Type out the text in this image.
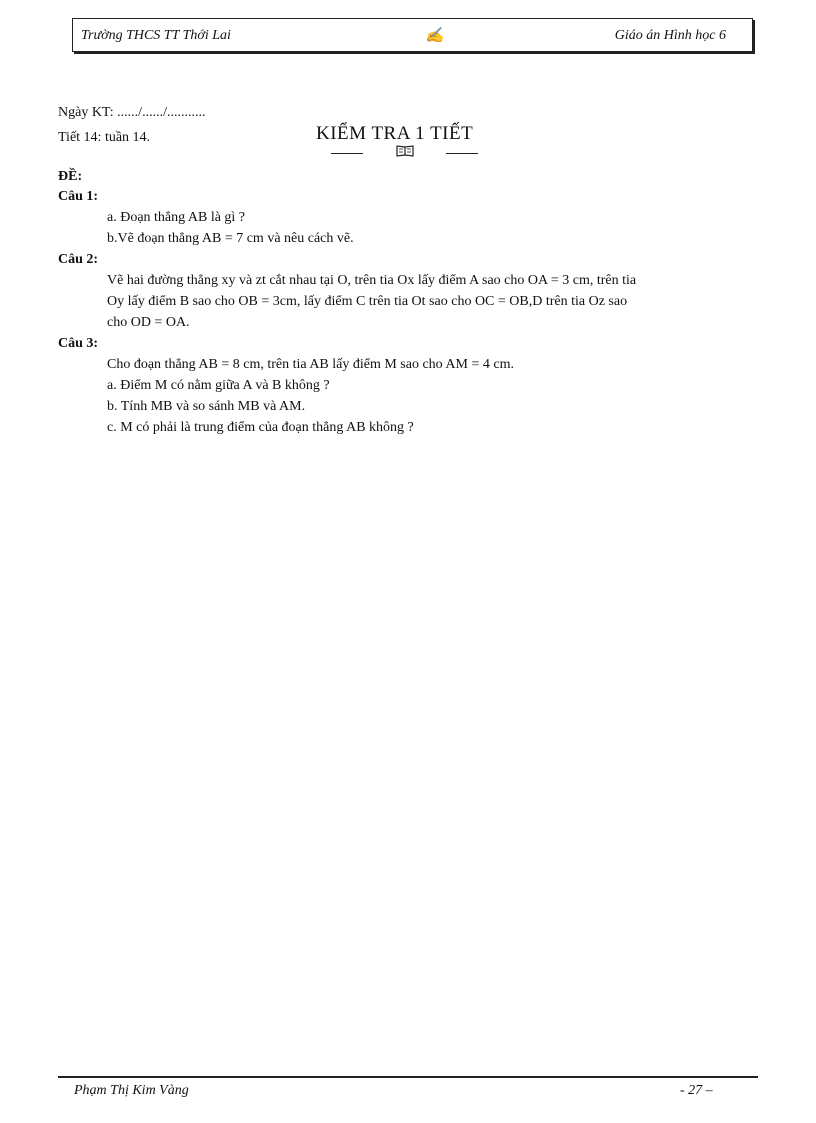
Trường THCS TT Thới Lai	✍	Giáo án Hình học 6
Ngày KT: ....../....../...........
Tiết 14: tuần 14.	KIỂM TRA 1 TIẾT
ĐỀ:
Câu 1:
a. Đoạn thẳng AB là gì ?
b.Vẽ đoạn thẳng AB = 7 cm và nêu cách vẽ.
Câu 2:
Vẽ hai đường thẳng xy và zt cắt nhau tại O, trên tia Ox lấy điểm A sao cho OA = 3 cm, trên tia
Oy lấy điểm B sao cho OB = 3cm, lấy điểm C trên tia Ot sao cho OC = OB,D trên tia Oz sao
cho OD = OA.
Câu 3:
Cho đoạn thẳng AB = 8 cm, trên tia AB lấy điểm M sao cho AM = 4 cm.
a. Điểm M có nằm giữa A và B không ?
b. Tính MB và so sánh MB và AM.
c. M có phải là trung điểm của đoạn thẳng AB không ?
Phạm Thị Kim Vàng	- 27 –
